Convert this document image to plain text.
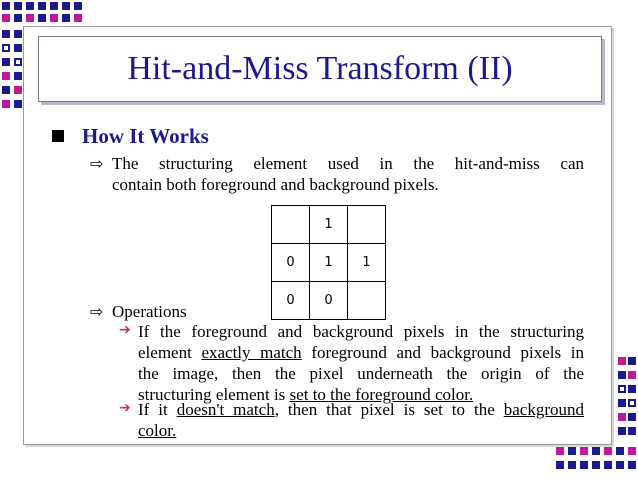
Hit-and-Miss Transform (II)
How It Works
⇨ The structuring element used in the hit-and-miss can

contain both foreground and background pixels.

	1	
0	1	1
0	0	
⇨ Operations

➔ If the foreground and background pixels in the structuring

element exactly match foreground and background pixels in

the image, then the pixel underneath the origin of the

structuring element is set to the foreground color.

➔ If it doesn't match, then that pixel is set to the background

color.
